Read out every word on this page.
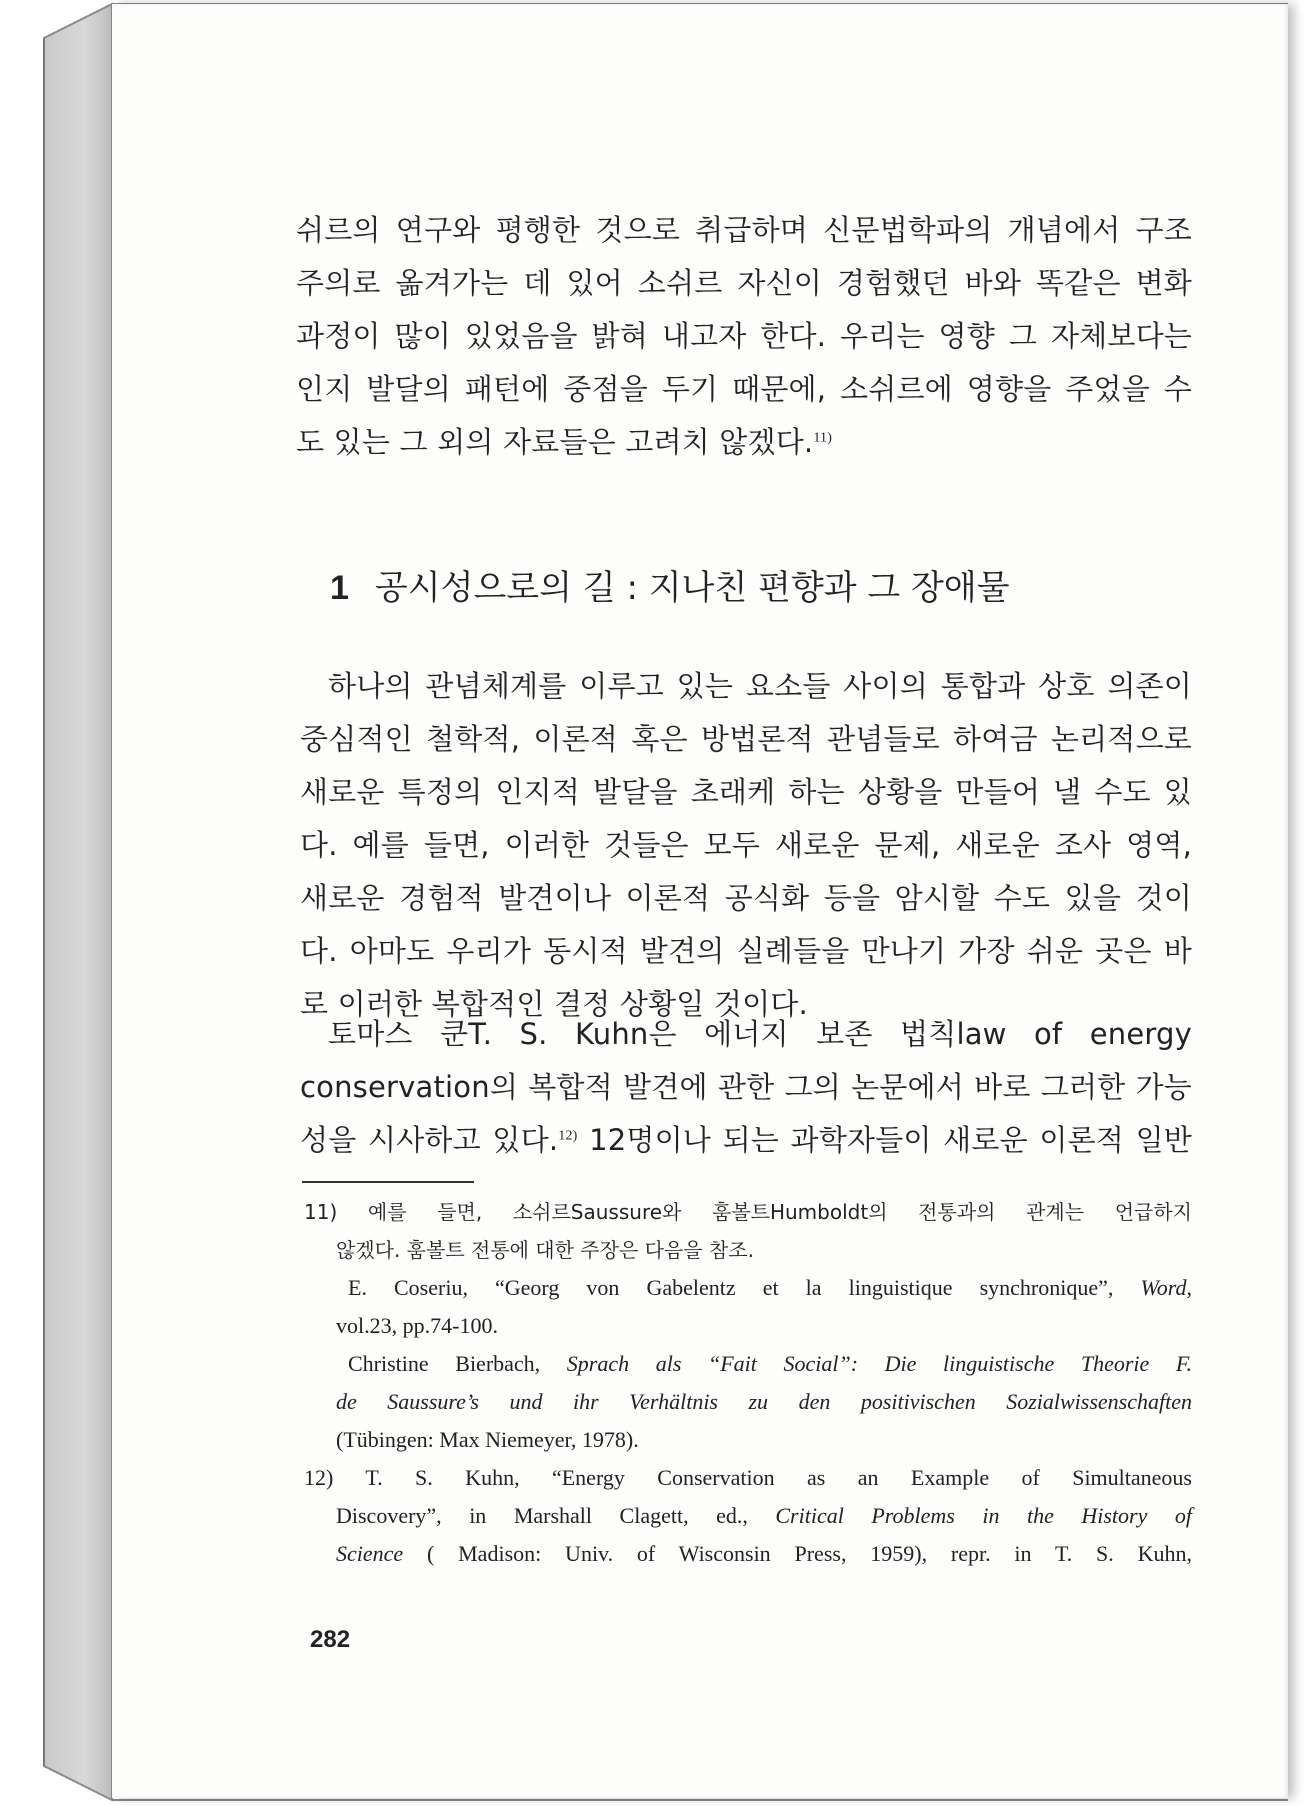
쉬르의 연구와 평행한 것으로 취급하며 신문법학파의 개념에서 구조
주의로 옮겨가는 데 있어 소쉬르 자신이 경험했던 바와 똑같은 변화
과정이 많이 있었음을 밝혀 내고자 한다. 우리는 영향 그 자체보다는
인지 발달의 패턴에 중점을 두기 때문에, 소쉬르에 영향을 주었을 수
도 있는 그 외의 자료들은 고려치 않겠다.$^{11)}$
1 공시성으로의 길 : 지나친 편향과 그 장애물
하나의 관념체계를 이루고 있는 요소들 사이의 통합과 상호 의존이
중심적인 철학적, 이론적 혹은 방법론적 관념들로 하여금 논리적으로
새로운 특정의 인지적 발달을 초래케 하는 상황을 만들어 낼 수도 있
다. 예를 들면, 이러한 것들은 모두 새로운 문제, 새로운 조사 영역,
새로운 경험적 발견이나 이론적 공식화 등을 암시할 수도 있을 것이
다. 아마도 우리가 동시적 발견의 실례들을 만나기 가장 쉬운 곳은 바
로 이러한 복합적인 결정 상황일 것이다.
토마스 쿤T. S. Kuhn은 에너지 보존 법칙law of energy
conservation의 복합적 발견에 관한 그의 논문에서 바로 그러한 가능
성을 시사하고 있다.$^{12)}$ 12명이나 되는 과학자들이 새로운 이론적 일반
11) 예를 들면, 소쉬르Saussure와 훔볼트Humboldt의 전통과의 관계는 언급하지
않겠다. 훔볼트 전통에 대한 주장은 다음을 참조.
E. Coseriu, “Georg von Gabelentz et la linguistique synchronique”, Word,
vol.23, pp.74-100.
Christine Bierbach, Sprach als “Fait Social”: Die linguistische Theorie F.
de Saussure’s und ihr Verhältnis zu den positivischen Sozialwissenschaften
(Tübingen: Max Niemeyer, 1978).
12) T. S. Kuhn, “Energy Conservation as an Example of Simultaneous
Discovery”, in Marshall Clagett, ed., Critical Problems in the History of
Science ( Madison: Univ. of Wisconsin Press, 1959), repr. in T. S. Kuhn,
282
